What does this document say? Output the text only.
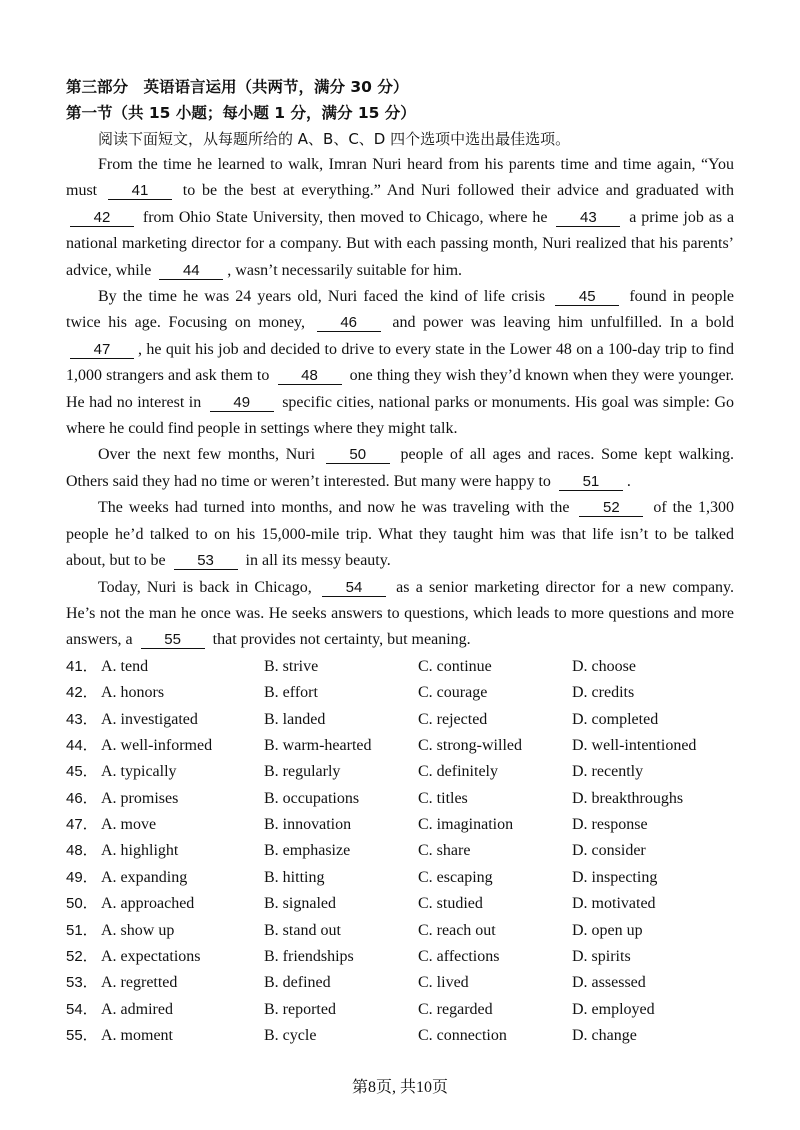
第三部分　英语语言运用（共两节，满分 30 分）
第一节（共 15 小题；每小题 1 分，满分 15 分）
阅读下面短文，从每题所给的 A、B、C、D 四个选项中选出最佳选项。

From the time he learned to walk, Imran Nuri heard from his parents time and time again, “You must 41 to be the best at everything.” And Nuri followed their advice and graduated with 42 from Ohio State University, then moved to Chicago, where he 43 a prime job as a national marketing director for a company. But with each passing month, Nuri realized that his parents’ advice, while 44 , wasn’t necessarily suitable for him.

By the time he was 24 years old, Nuri faced the kind of life crisis 45 found in people twice his age. Focusing on money, 46 and power was leaving him unfulfilled. In a bold 47 , he quit his job and decided to drive to every state in the Lower 48 on a 100-day trip to find 1,000 strangers and ask them to 48 one thing they wish they’d known when they were younger. He had no interest in 49 specific cities, national parks or monuments. His goal was simple: Go where he could find people in settings where they might talk.

Over the next few months, Nuri 50 people of all ages and races. Some kept walking. Others said they had no time or weren’t interested. But many were happy to 51 .

The weeks had turned into months, and now he was traveling with the 52 of the 1,300 people he’d talked to on his 15,000-mile trip. What they taught him was that life isn’t to be talked about, but to be 53 in all its messy beauty.

Today, Nuri is back in Chicago, 54 as a senior marketing director for a new company. He’s not the man he once was. He seeks answers to questions, which leads to more questions and more answers, a 55 that provides not certainty, but meaning.

41． A. tend	B. strive	C. continue	D. choose
42． A. honors	B. effort	C. courage	D. credits
43． A. investigated	B. landed	C. rejected	D. completed
44． A. well-informed	B. warm-hearted	C. strong-willed	D. well-intentioned
45． A. typically	B. regularly	C. definitely	D. recently
46． A. promises	B. occupations	C. titles	D. breakthroughs
47． A. move	B. innovation	C. imagination	D. response
48． A. highlight	B. emphasize	C. share	D. consider
49． A. expanding	B. hitting	C. escaping	D. inspecting
50． A. approached	B. signaled	C. studied	D. motivated
51． A. show up	B. stand out	C. reach out	D. open up
52． A. expectations	B. friendships	C. affections	D. spirits
53． A. regretted	B. defined	C. lived	D. assessed
54． A. admired	B. reported	C. regarded	D. employed
55． A. moment	B. cycle	C. connection	D. change
第8页, 共10页
